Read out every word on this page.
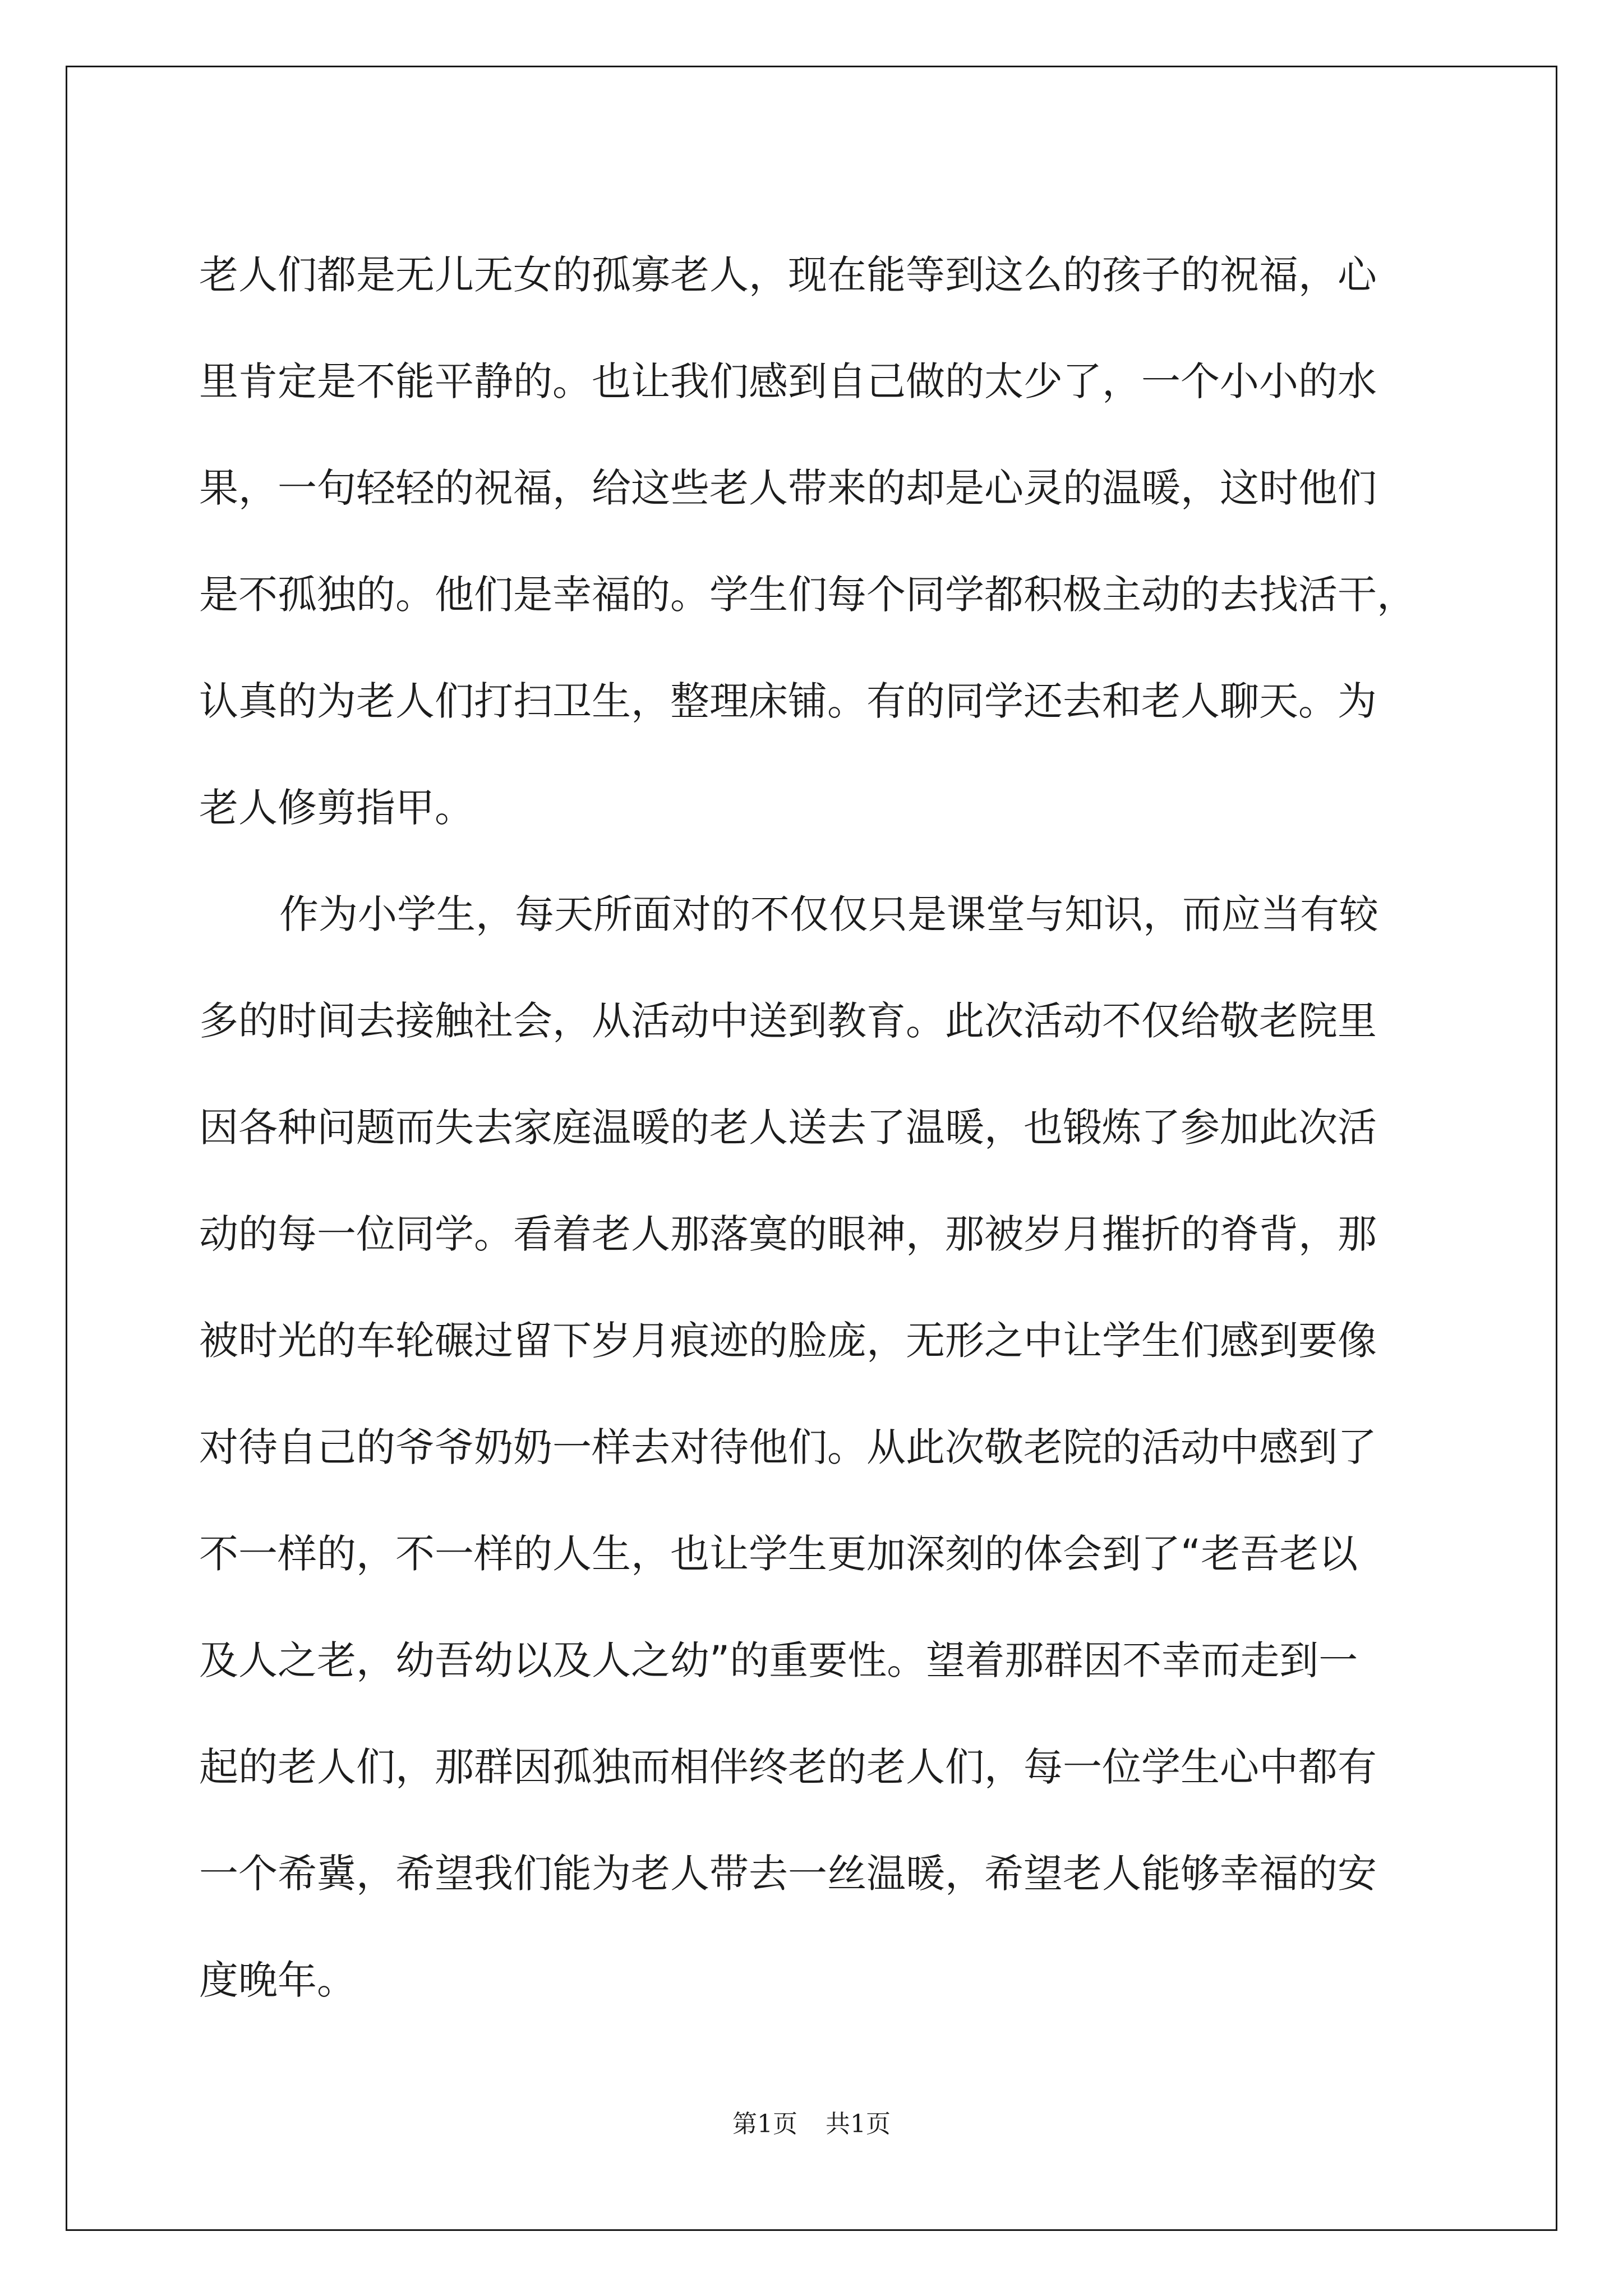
老人们都是无儿无女的孤寡老人，现在能等到这么的孩子的祝福，心
里肯定是不能平静的。也让我们感到自己做的太少了，一个小小的水
果，一句轻轻的祝福，给这些老人带来的却是心灵的温暖，这时他们
是不孤独的。他们是幸福的。学生们每个同学都积极主动的去找活干，
认真的为老人们打扫卫生，整理床铺。有的同学还去和老人聊天。为
老人修剪指甲。
作为小学生，每天所面对的不仅仅只是课堂与知识，而应当有较
多的时间去接触社会，从活动中送到教育。此次活动不仅给敬老院里
因各种问题而失去家庭温暖的老人送去了温暖，也锻炼了参加此次活
动的每一位同学。看着老人那落寞的眼神，那被岁月摧折的脊背，那
被时光的车轮碾过留下岁月痕迹的脸庞，无形之中让学生们感到要像
对待自己的爷爷奶奶一样去对待他们。从此次敬老院的活动中感到了
不一样的，不一样的人生，也让学生更加深刻的体会到了“老吾老以
及人之老，幼吾幼以及人之幼”的重要性。望着那群因不幸而走到一
起的老人们，那群因孤独而相伴终老的老人们，每一位学生心中都有
一个希冀，希望我们能为老人带去一丝温暖，希望老人能够幸福的安
度晚年。
第1页 共1页
